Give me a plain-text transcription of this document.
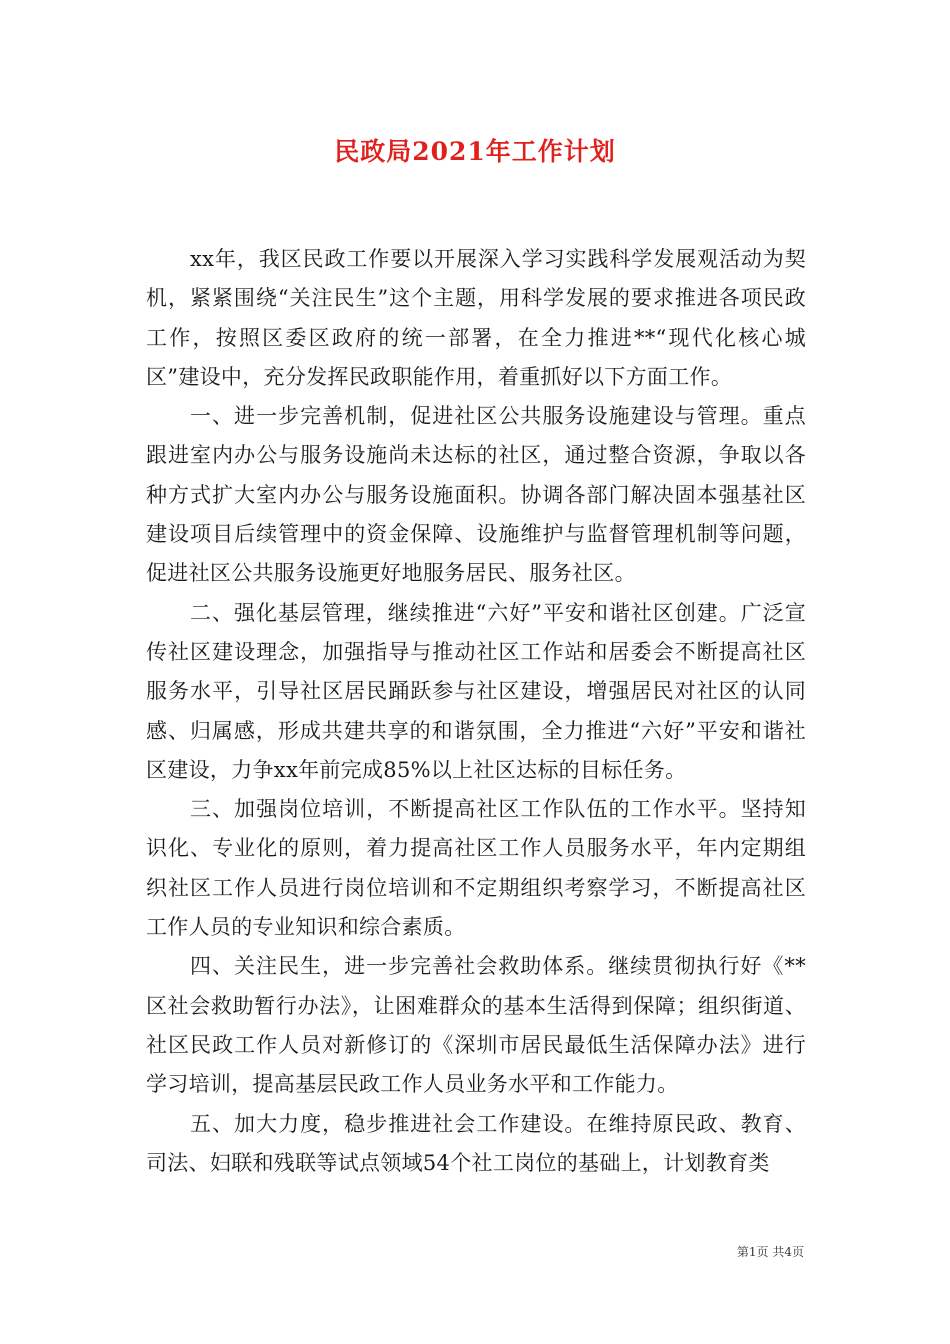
民政局2021年工作计划

xx年，我区民政工作要以开展深入学习实践科学发展观活动为契机，紧紧围绕“关注民生”这个主题，用科学发展的要求推进各项民政工作，按照区委区政府的统一部署，在全力推进**“现代化核心城区”建设中，充分发挥民政职能作用，着重抓好以下方面工作。

一、进一步完善机制，促进社区公共服务设施建设与管理。重点跟进室内办公与服务设施尚未达标的社区，通过整合资源，争取以各种方式扩大室内办公与服务设施面积。协调各部门解决固本强基社区建设项目后续管理中的资金保障、设施维护与监督管理机制等问题，促进社区公共服务设施更好地服务居民、服务社区。

二、强化基层管理，继续推进“六好”平安和谐社区创建。广泛宣传社区建设理念，加强指导与推动社区工作站和居委会不断提高社区服务水平，引导社区居民踊跃参与社区建设，增强居民对社区的认同感、归属感，形成共建共享的和谐氛围，全力推进“六好”平安和谐社区建设，力争xx年前完成85%以上社区达标的目标任务。

三、加强岗位培训，不断提高社区工作队伍的工作水平。坚持知识化、专业化的原则，着力提高社区工作人员服务水平，年内定期组织社区工作人员进行岗位培训和不定期组织考察学习，不断提高社区工作人员的专业知识和综合素质。

四、关注民生，进一步完善社会救助体系。继续贯彻执行好《**区社会救助暂行办法》，让困难群众的基本生活得到保障；组织街道、社区民政工作人员对新修订的《深圳市居民最低生活保障办法》进行学习培训，提高基层民政工作人员业务水平和工作能力。

五、加大力度，稳步推进社会工作建设。在维持原民政、教育、司法、妇联和残联等试点领域54个社工岗位的基础上，计划教育类

第1页 共4页
